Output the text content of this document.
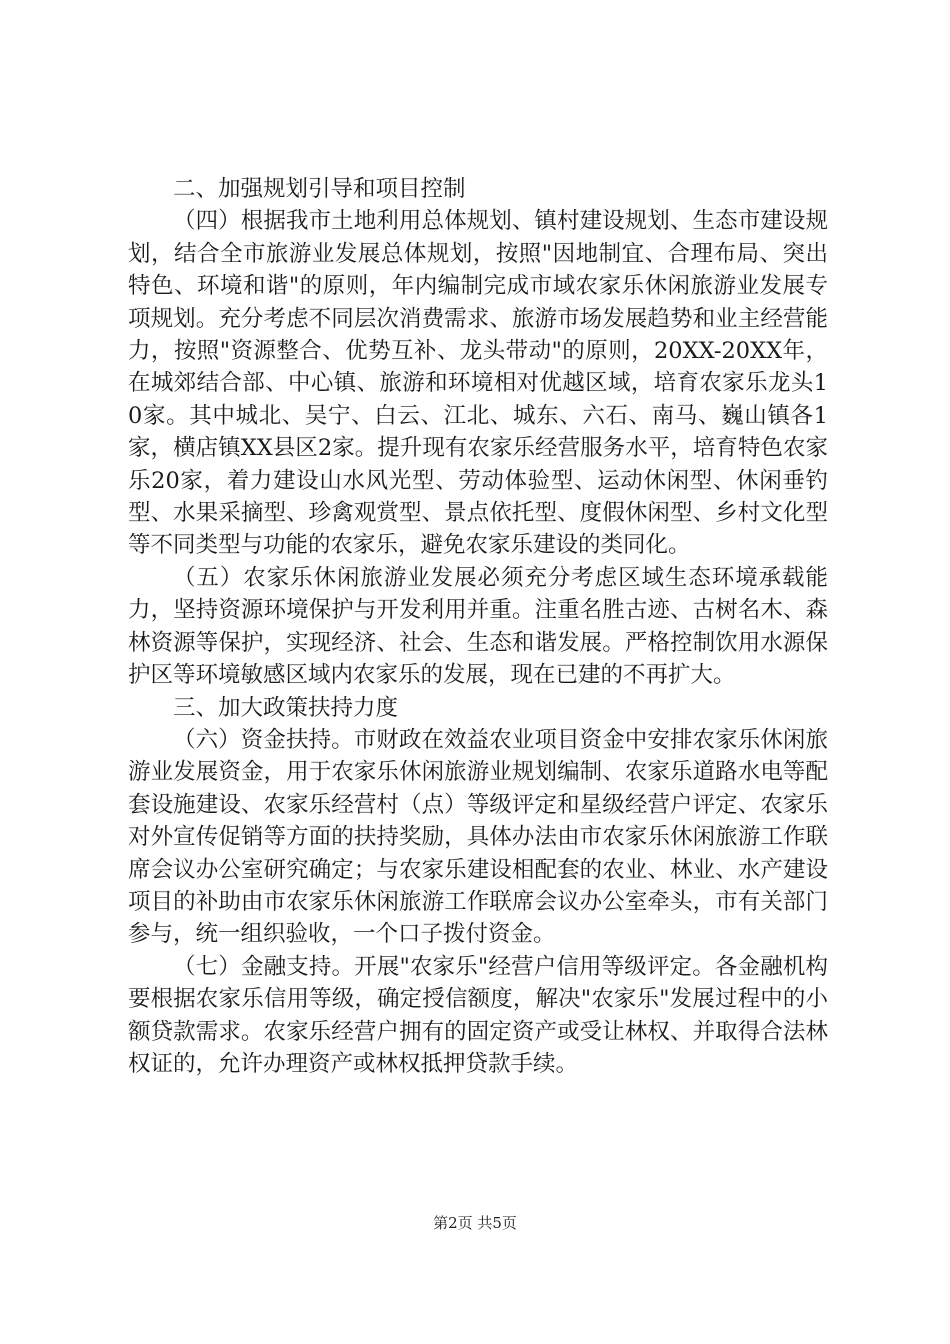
二、加强规划引导和项目控制

（四）根据我市土地利用总体规划、镇村建设规划、生态市建设规划，结合全市旅游业发展总体规划，按照"因地制宜、合理布局、突出特色、环境和谐"的原则，年内编制完成市域农家乐休闲旅游业发展专项规划。充分考虑不同层次消费需求、旅游市场发展趋势和业主经营能力，按照"资源整合、优势互补、龙头带动"的原则，20XX-20XX年，在城郊结合部、中心镇、旅游和环境相对优越区域，培育农家乐龙头10家。其中城北、吴宁、白云、江北、城东、六石、南马、巍山镇各1家，横店镇XX县区2家。提升现有农家乐经营服务水平，培育特色农家乐20家，着力建设山水风光型、劳动体验型、运动休闲型、休闲垂钓型、水果采摘型、珍禽观赏型、景点依托型、度假休闲型、乡村文化型等不同类型与功能的农家乐，避免农家乐建设的类同化。

（五）农家乐休闲旅游业发展必须充分考虑区域生态环境承载能力，坚持资源环境保护与开发利用并重。注重名胜古迹、古树名木、森林资源等保护，实现经济、社会、生态和谐发展。严格控制饮用水源保护区等环境敏感区域内农家乐的发展，现在已建的不再扩大。

三、加大政策扶持力度

（六）资金扶持。市财政在效益农业项目资金中安排农家乐休闲旅游业发展资金，用于农家乐休闲旅游业规划编制、农家乐道路水电等配套设施建设、农家乐经营村（点）等级评定和星级经营户评定、农家乐对外宣传促销等方面的扶持奖励，具体办法由市农家乐休闲旅游工作联席会议办公室研究确定；与农家乐建设相配套的农业、林业、水产建设项目的补助由市农家乐休闲旅游工作联席会议办公室牵头，市有关部门参与，统一组织验收，一个口子拨付资金。

（七）金融支持。开展"农家乐"经营户信用等级评定。各金融机构要根据农家乐信用等级，确定授信额度，解决"农家乐"发展过程中的小额贷款需求。农家乐经营户拥有的固定资产或受让林权、并取得合法林权证的，允许办理资产或林权抵押贷款手续。

第2页 共5页
